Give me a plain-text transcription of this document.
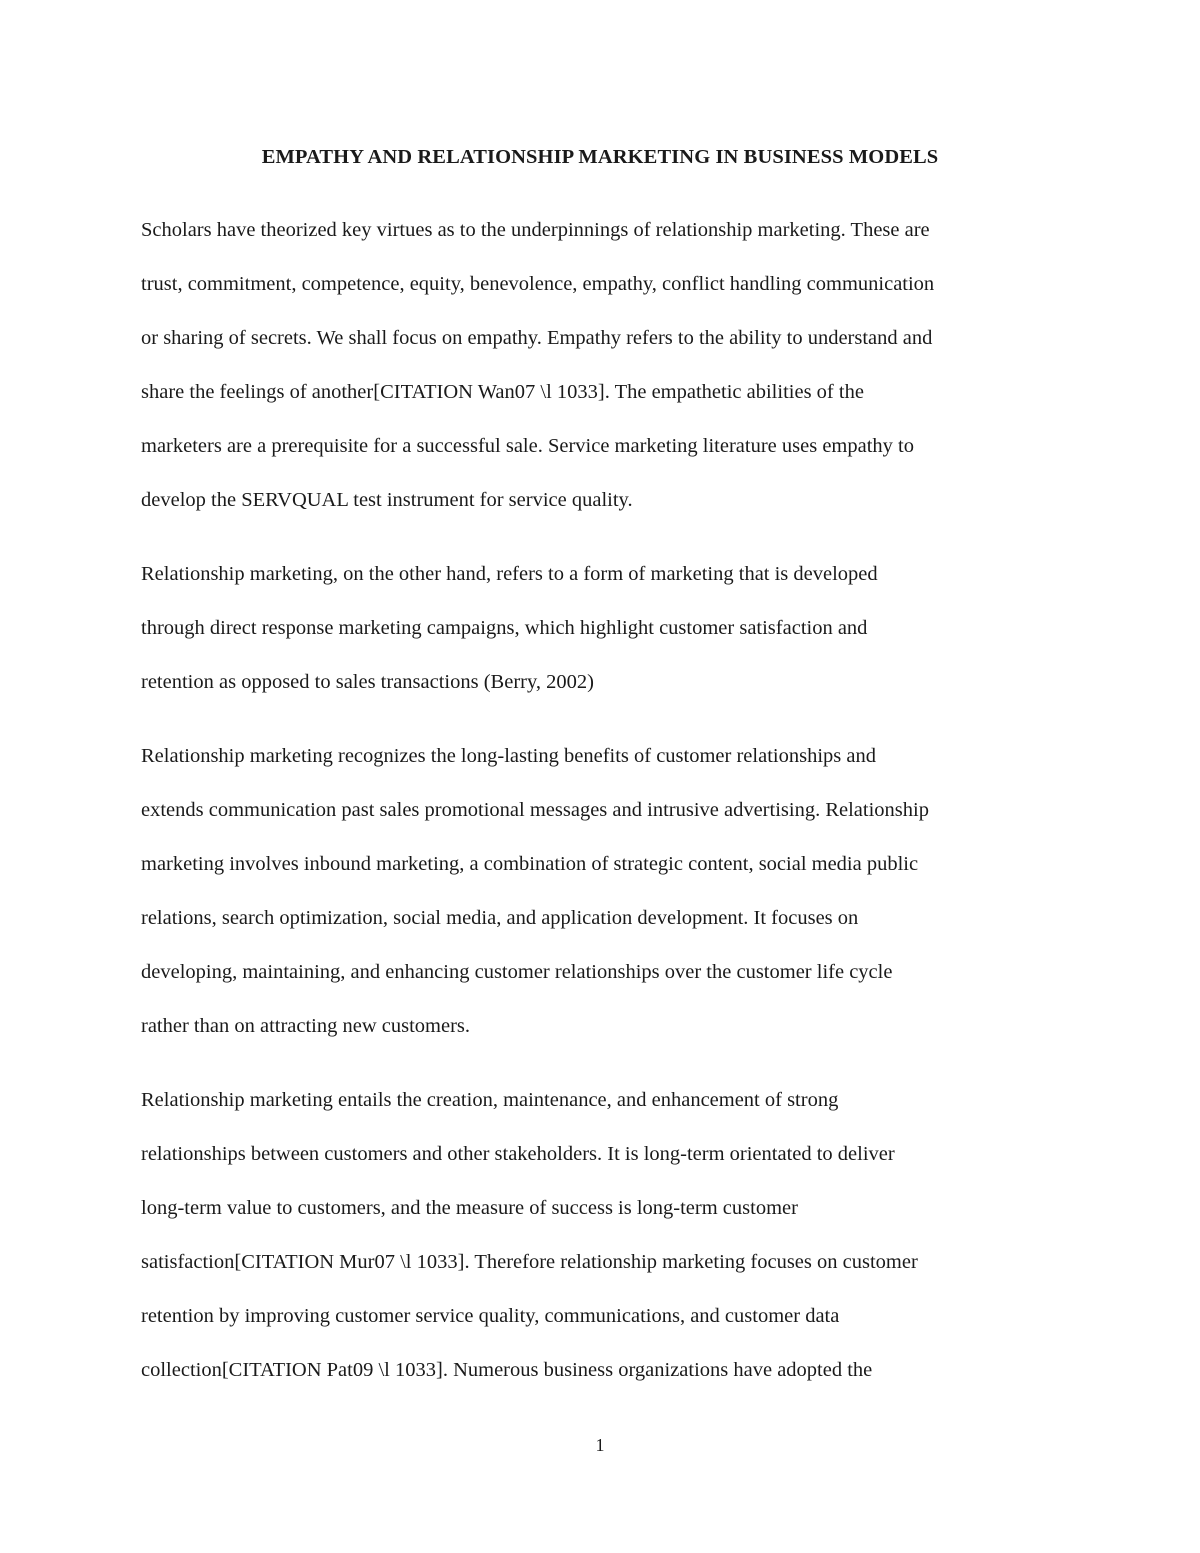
EMPATHY AND RELATIONSHIP MARKETING IN BUSINESS MODELS
Scholars have theorized key virtues as to the underpinnings of relationship marketing. These are
trust, commitment, competence, equity, benevolence, empathy, conflict handling communication
or sharing of secrets. We shall focus on empathy. Empathy refers to the ability to understand and
share the feelings of another[CITATION Wan07 \l 1033]. The empathetic abilities of the
marketers are a prerequisite for a successful sale. Service marketing literature uses empathy to
develop the SERVQUAL test instrument for service quality.
Relationship marketing, on the other hand, refers to a form of marketing that is developed
through direct response marketing campaigns, which highlight customer satisfaction and
retention as opposed to sales transactions (Berry, 2002)
Relationship marketing recognizes the long-lasting benefits of customer relationships and
extends communication past sales promotional messages and intrusive advertising. Relationship
marketing involves inbound marketing, a combination of strategic content, social media public
relations, search optimization, social media, and application development. It focuses on
developing, maintaining, and enhancing customer relationships over the customer life cycle
rather than on attracting new customers.
Relationship marketing entails the creation, maintenance, and enhancement of strong
relationships between customers and other stakeholders. It is long-term orientated to deliver
long-term value to customers, and the measure of success is long-term customer
satisfaction[CITATION Mur07 \l 1033]. Therefore relationship marketing focuses on customer
retention by improving customer service quality, communications, and customer data
collection[CITATION Pat09 \l 1033]. Numerous business organizations have adopted the
1
